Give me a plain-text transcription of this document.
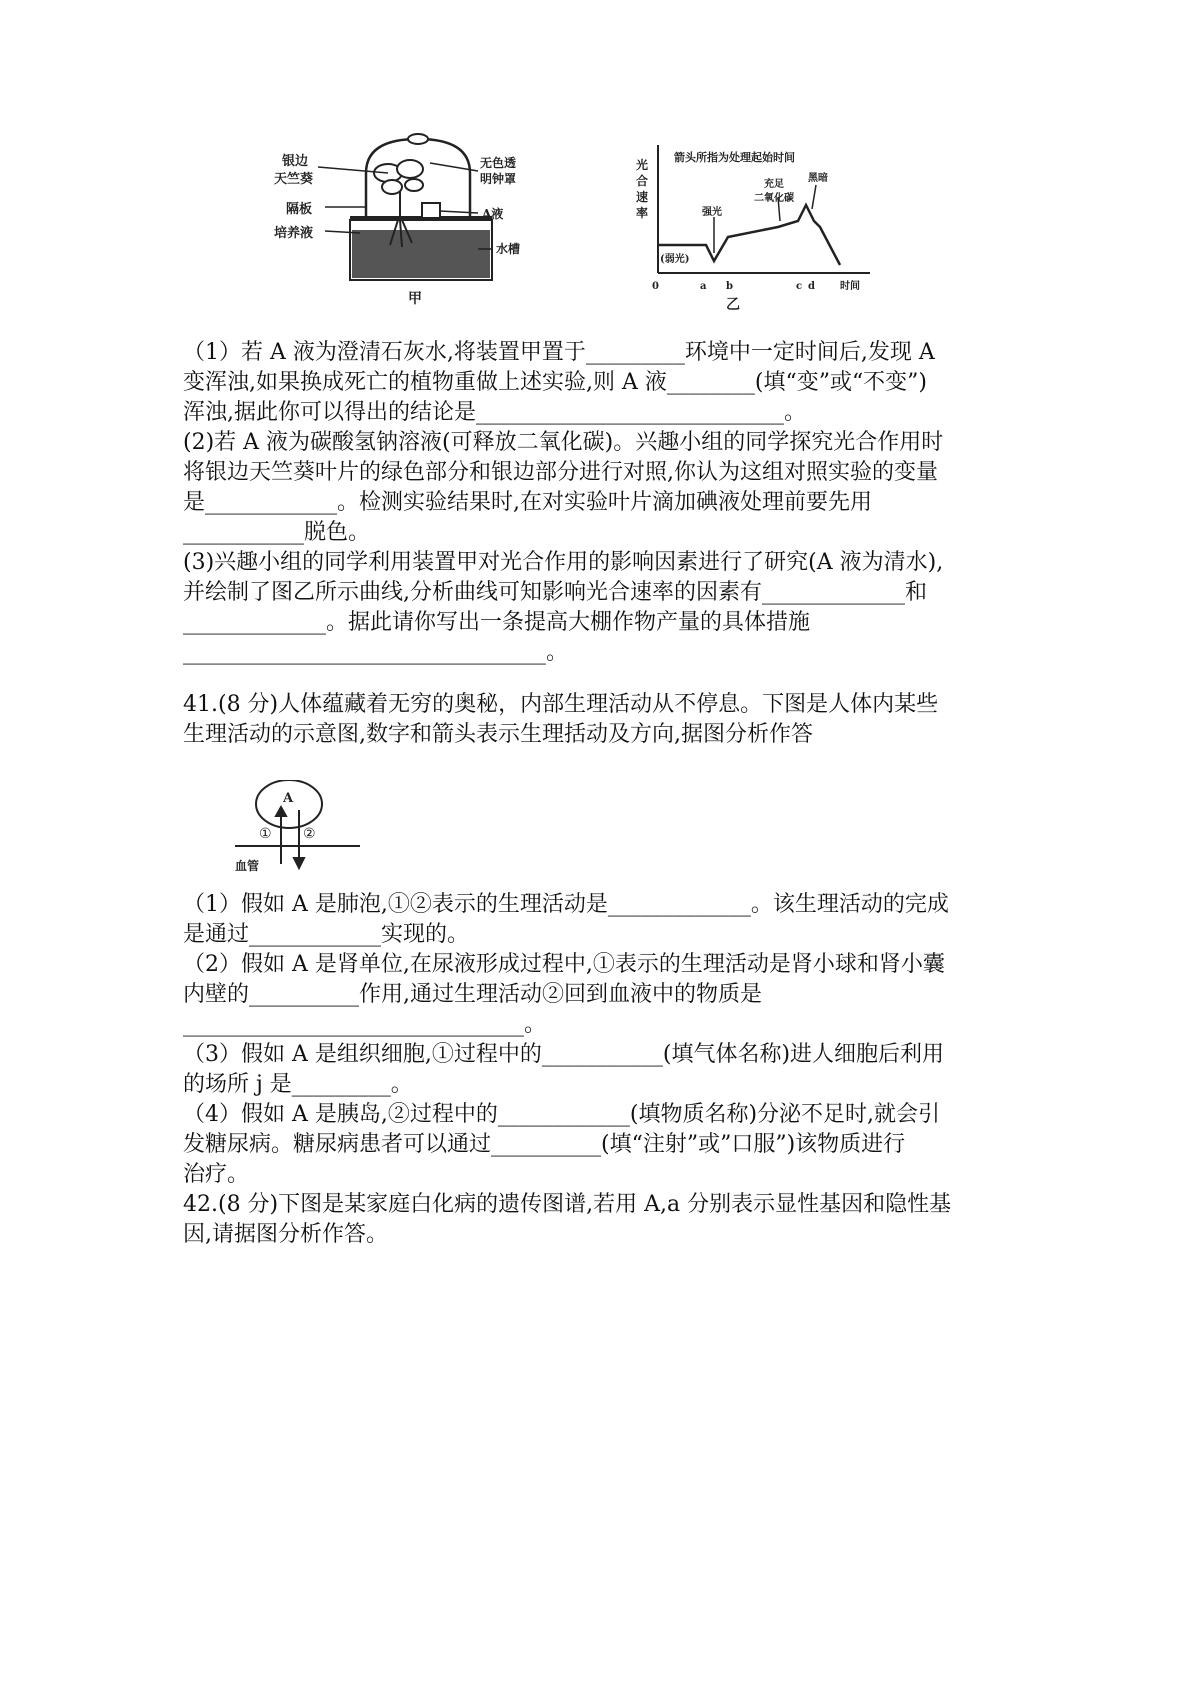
银边
天竺葵
隔板
培养液
无色透
明钟罩
A液
水槽
甲
光
合
速
率
箭头所指为处理起始时间
(弱光)
强光
充足
二氧化碳
黑暗
0	a b	c d	时间
乙

（1）若 A 液为澄清石灰水,将装置甲置于_________环境中一定时间后,发现 A

变浑浊,如果换成死亡的植物重做上述实验,则 A 液________(填“变”或“不变”)

浑浊,据此你可以得出的结论是____________________________。

(2)若 A 液为碳酸氢钠溶液(可释放二氧化碳)。兴趣小组的同学探究光合作用时

将银边天竺葵叶片的绿色部分和银边部分进行对照,你认为这组对照实验的变量

是____________。检测实验结果时,在对实验叶片滴加碘液处理前要先用

___________脱色。

(3)兴趣小组的同学利用装置甲对光合作用的影响因素进行了研究(A 液为清水),

并绘制了图乙所示曲线,分析曲线可知影响光合速率的因素有_____________和

_____________。据此请你写出一条提高大棚作物产量的具体措施

_________________________________。

41.(8 分)人体蕴藏着无穷的奥秘，内部生理活动从不停息。下图是人体内某些

生理活动的示意图,数字和箭头表示生理括动及方向,据图分析作答

A
① ②
血管

（1）假如 A 是肺泡,①②表示的生理活动是_____________。该生理活动的完成

是通过____________实现的。

（2）假如 A 是肾单位,在尿液形成过程中,①表示的生理活动是肾小球和肾小囊

内壁的__________作用,通过生理活动②回到血液中的物质是

_______________________________。

（3）假如 A 是组织细胞,①过程中的___________(填气体名称)进人细胞后利用

的场所 j 是_________。

（4）假如 A 是胰岛,②过程中的____________(填物质名称)分泌不足时,就会引

发糖尿病。糖尿病患者可以通过__________(填“注射”或”口服”)该物质进行

治疗。

42.(8 分)下图是某家庭白化病的遗传图谱,若用 A,a 分别表示显性基因和隐性基

因,请据图分析作答。
